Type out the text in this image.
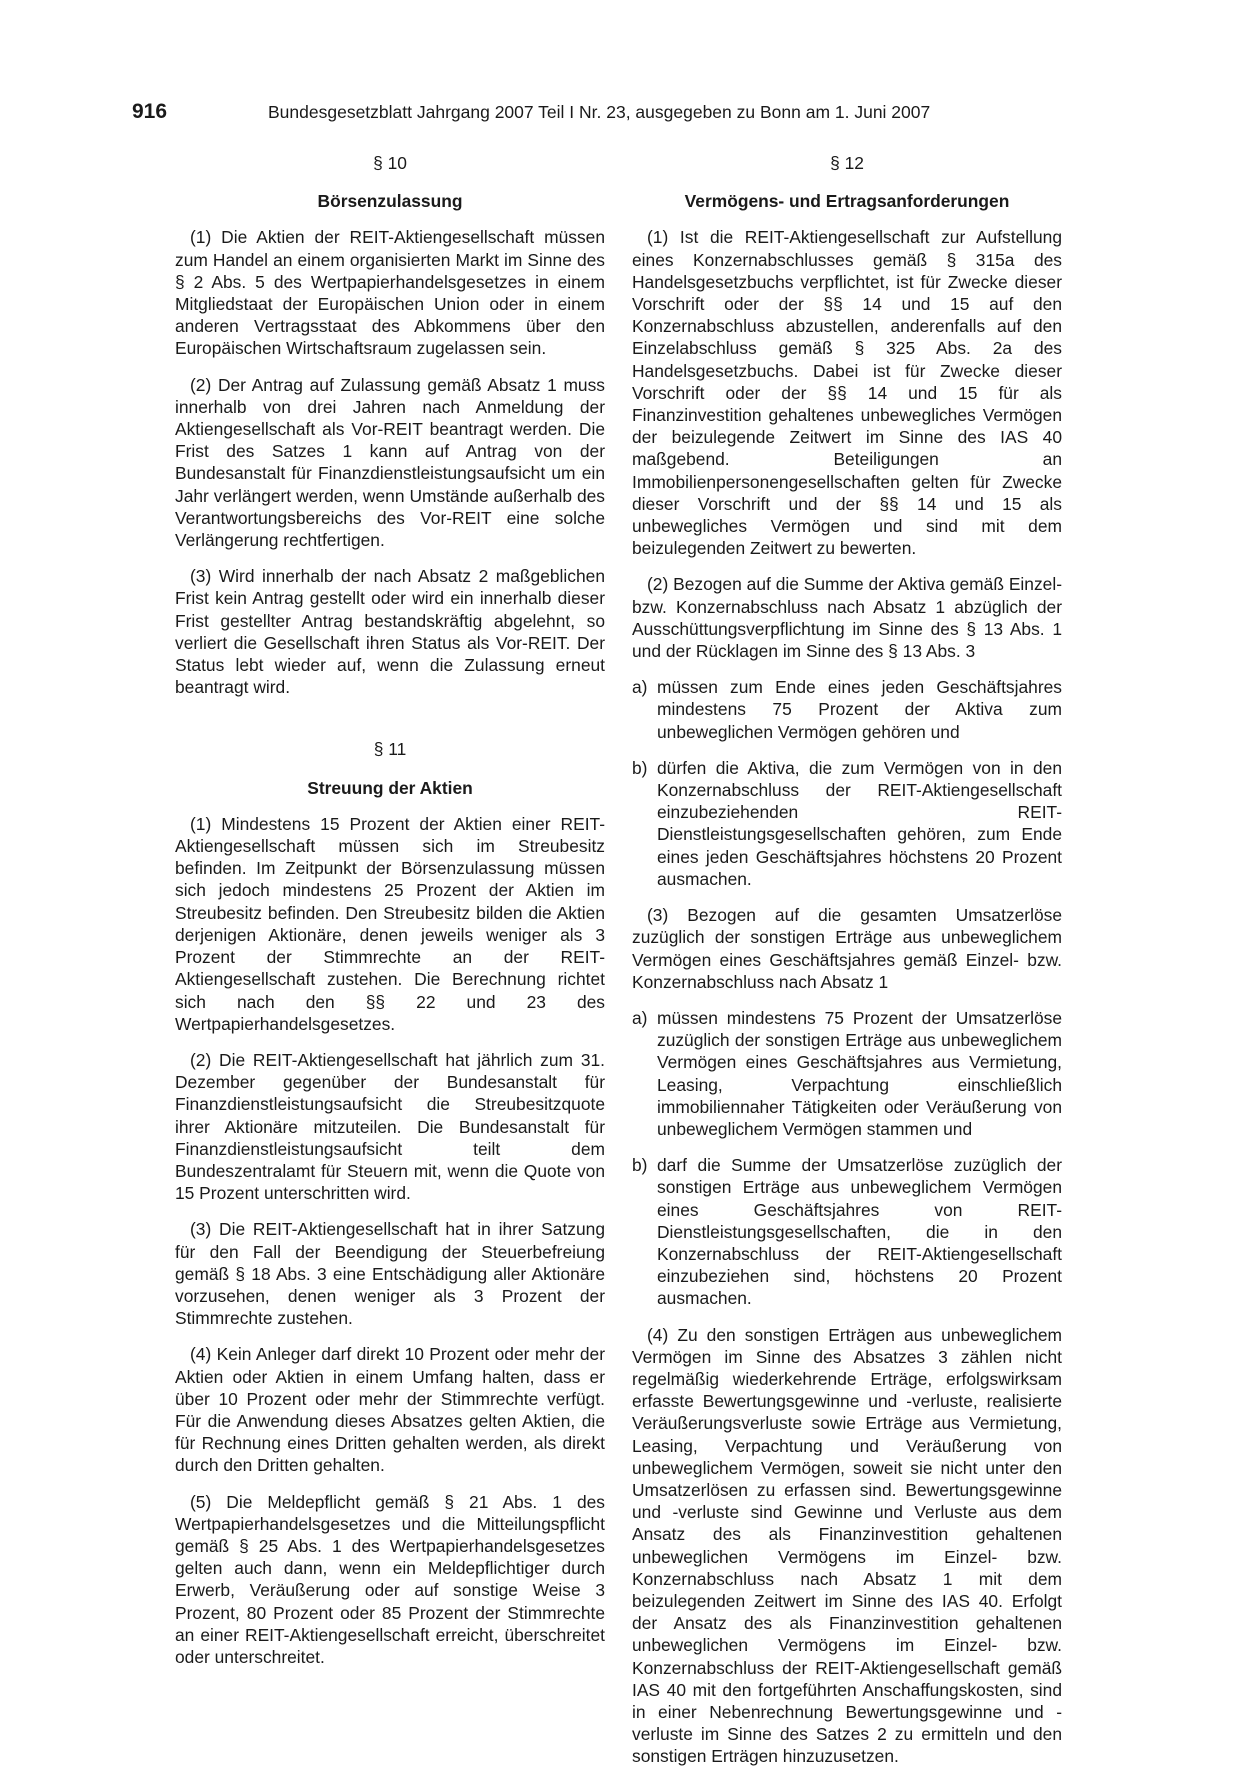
916	Bundesgesetzblatt Jahrgang 2007 Teil I Nr. 23, ausgegeben zu Bonn am 1. Juni 2007
§ 10
Börsenzulassung

(1) Die Aktien der REIT-Aktiengesellschaft müssen zum Handel an einem organisierten Markt im Sinne des § 2 Abs. 5 des Wertpapierhandelsgesetzes in einem Mitgliedstaat der Europäischen Union oder in einem anderen Vertragsstaat des Abkommens über den Europäischen Wirtschaftsraum zugelassen sein.

(2) Der Antrag auf Zulassung gemäß Absatz 1 muss innerhalb von drei Jahren nach Anmeldung der Aktiengesellschaft als Vor-REIT beantragt werden. Die Frist des Satzes 1 kann auf Antrag von der Bundesanstalt für Finanzdienstleistungsaufsicht um ein Jahr verlängert werden, wenn Umstände außerhalb des Verantwortungsbereichs des Vor-REIT eine solche Verlängerung rechtfertigen.

(3) Wird innerhalb der nach Absatz 2 maßgeblichen Frist kein Antrag gestellt oder wird ein innerhalb dieser Frist gestellter Antrag bestandskräftig abgelehnt, so verliert die Gesellschaft ihren Status als Vor-REIT. Der Status lebt wieder auf, wenn die Zulassung erneut beantragt wird.

§ 11
Streuung der Aktien

(1) Mindestens 15 Prozent der Aktien einer REIT-Aktiengesellschaft müssen sich im Streubesitz befinden. Im Zeitpunkt der Börsenzulassung müssen sich jedoch mindestens 25 Prozent der Aktien im Streubesitz befinden. Den Streubesitz bilden die Aktien derjenigen Aktionäre, denen jeweils weniger als 3 Prozent der Stimmrechte an der REIT-Aktiengesellschaft zustehen. Die Berechnung richtet sich nach den §§ 22 und 23 des Wertpapierhandelsgesetzes.

(2) Die REIT-Aktiengesellschaft hat jährlich zum 31. Dezember gegenüber der Bundesanstalt für Finanzdienstleistungsaufsicht die Streubesitzquote ihrer Aktionäre mitzuteilen. Die Bundesanstalt für Finanzdienstleistungsaufsicht teilt dem Bundeszentralamt für Steuern mit, wenn die Quote von 15 Prozent unterschritten wird.

(3) Die REIT-Aktiengesellschaft hat in ihrer Satzung für den Fall der Beendigung der Steuerbefreiung gemäß § 18 Abs. 3 eine Entschädigung aller Aktionäre vorzusehen, denen weniger als 3 Prozent der Stimmrechte zustehen.

(4) Kein Anleger darf direkt 10 Prozent oder mehr der Aktien oder Aktien in einem Umfang halten, dass er über 10 Prozent oder mehr der Stimmrechte verfügt. Für die Anwendung dieses Absatzes gelten Aktien, die für Rechnung eines Dritten gehalten werden, als direkt durch den Dritten gehalten.

(5) Die Meldepflicht gemäß § 21 Abs. 1 des Wertpapierhandelsgesetzes und die Mitteilungspflicht gemäß § 25 Abs. 1 des Wertpapierhandelsgesetzes gelten auch dann, wenn ein Meldepflichtiger durch Erwerb, Veräußerung oder auf sonstige Weise 3 Prozent, 80 Prozent oder 85 Prozent der Stimmrechte an einer REIT-Aktiengesellschaft erreicht, überschreitet oder unterschreitet.

§ 12
Vermögens- und Ertragsanforderungen

(1) Ist die REIT-Aktiengesellschaft zur Aufstellung eines Konzernabschlusses gemäß § 315a des Handelsgesetzbuchs verpflichtet, ist für Zwecke dieser Vorschrift oder der §§ 14 und 15 auf den Konzernabschluss abzustellen, anderenfalls auf den Einzelabschluss gemäß § 325 Abs. 2a des Handelsgesetzbuchs. Dabei ist für Zwecke dieser Vorschrift oder der §§ 14 und 15 für als Finanzinvestition gehaltenes unbewegliches Vermögen der beizulegende Zeitwert im Sinne des IAS 40 maßgebend. Beteiligungen an Immobilienpersonengesellschaften gelten für Zwecke dieser Vorschrift und der §§ 14 und 15 als unbewegliches Vermögen und sind mit dem beizulegenden Zeitwert zu bewerten.

(2) Bezogen auf die Summe der Aktiva gemäß Einzel- bzw. Konzernabschluss nach Absatz 1 abzüglich der Ausschüttungsverpflichtung im Sinne des § 13 Abs. 1 und der Rücklagen im Sinne des § 13 Abs. 3

a) müssen zum Ende eines jeden Geschäftsjahres mindestens 75 Prozent der Aktiva zum unbeweglichen Vermögen gehören und
b) dürfen die Aktiva, die zum Vermögen von in den Konzernabschluss der REIT-Aktiengesellschaft einzubeziehenden REIT-Dienstleistungsgesellschaften gehören, zum Ende eines jeden Geschäftsjahres höchstens 20 Prozent ausmachen.

(3) Bezogen auf die gesamten Umsatzerlöse zuzüglich der sonstigen Erträge aus unbeweglichem Vermögen eines Geschäftsjahres gemäß Einzel- bzw. Konzernabschluss nach Absatz 1

a) müssen mindestens 75 Prozent der Umsatzerlöse zuzüglich der sonstigen Erträge aus unbeweglichem Vermögen eines Geschäftsjahres aus Vermietung, Leasing, Verpachtung einschließlich immobiliennaher Tätigkeiten oder Veräußerung von unbeweglichem Vermögen stammen und
b) darf die Summe der Umsatzerlöse zuzüglich der sonstigen Erträge aus unbeweglichem Vermögen eines Geschäftsjahres von REIT-Dienstleistungsgesellschaften, die in den Konzernabschluss der REIT-Aktiengesellschaft einzubeziehen sind, höchstens 20 Prozent ausmachen.

(4) Zu den sonstigen Erträgen aus unbeweglichem Vermögen im Sinne des Absatzes 3 zählen nicht regelmäßig wiederkehrende Erträge, erfolgswirksam erfasste Bewertungsgewinne und -verluste, realisierte Veräußerungsverluste sowie Erträge aus Vermietung, Leasing, Verpachtung und Veräußerung von unbeweglichem Vermögen, soweit sie nicht unter den Umsatzerlösen zu erfassen sind. Bewertungsgewinne und -verluste sind Gewinne und Verluste aus dem Ansatz des als Finanzinvestition gehaltenen unbeweglichen Vermögens im Einzel- bzw. Konzernabschluss nach Absatz 1 mit dem beizulegenden Zeitwert im Sinne des IAS 40. Erfolgt der Ansatz des als Finanzinvestition gehaltenen unbeweglichen Vermögens im Einzel- bzw. Konzernabschluss der REIT-Aktiengesellschaft gemäß IAS 40 mit den fortgeführten Anschaffungskosten, sind in einer Nebenrechnung Bewertungsgewinne und -verluste im Sinne des Satzes 2 zu ermitteln und den sonstigen Erträgen hinzuzusetzen.
